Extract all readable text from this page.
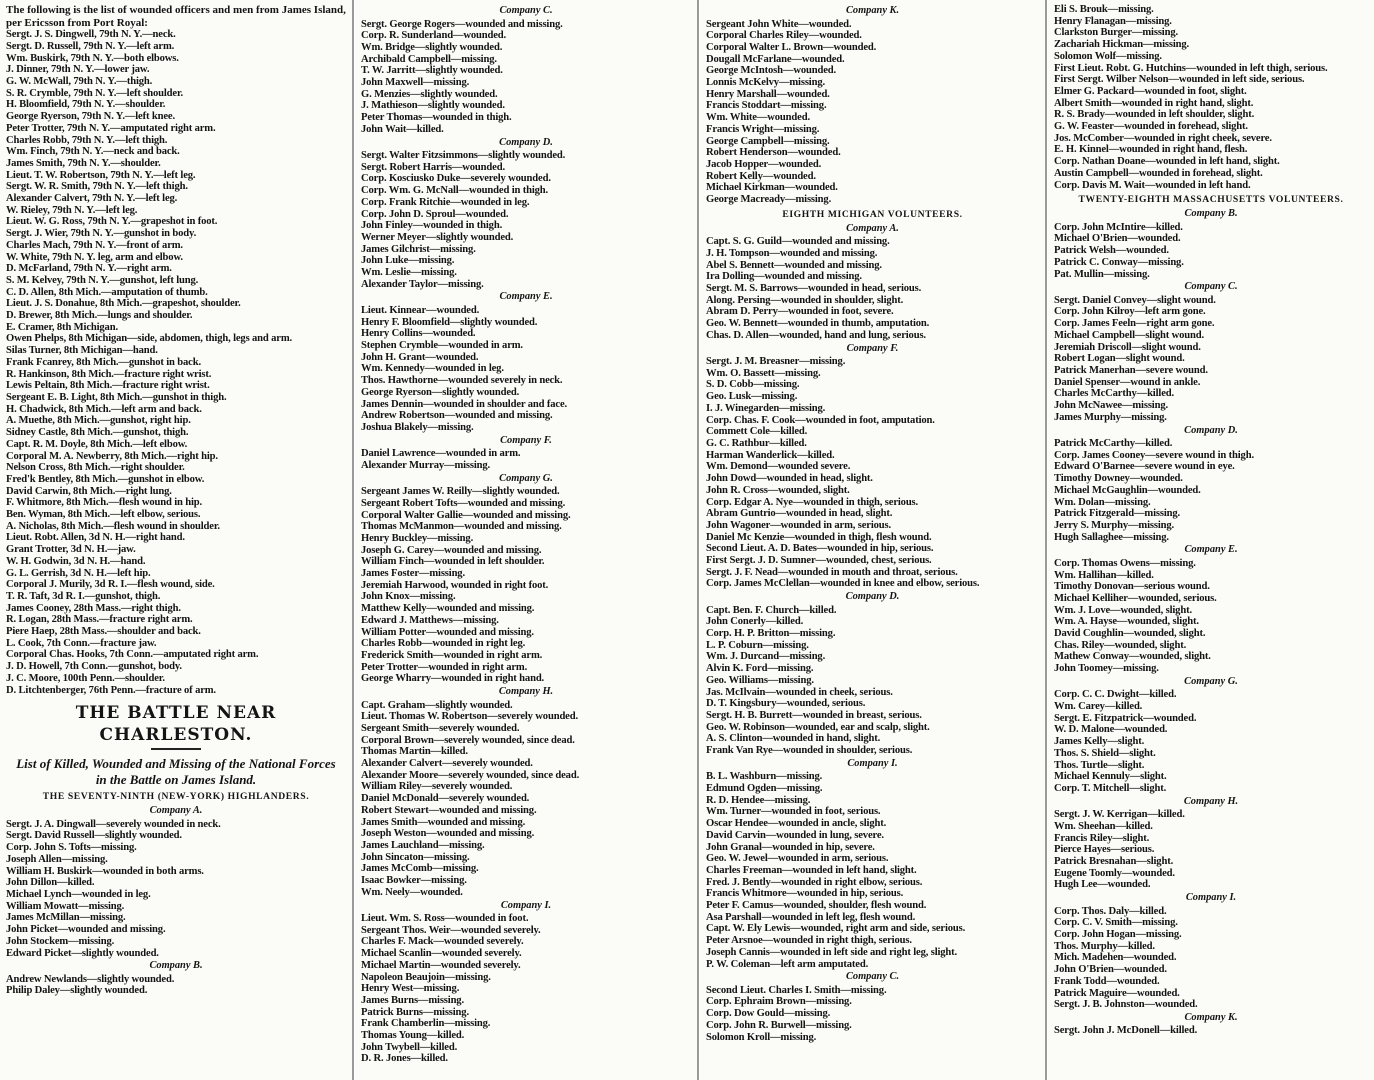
The following is the list of wounded officers and men from James Island, per Ericsson from Port Royal:
Sergt. J. S. Dingwell, 79th N. Y.—neck.
Sergt. D. Russell, 79th N. Y.—left arm.
Wm. Buskirk, 79th N. Y.—both elbows.
J. Dinner, 79th N. Y.—lower jaw.
G. W. McWall, 79th N. Y.—thigh.
S. R. Crymble, 79th N. Y.—left shoulder.
H. Bloomfield, 79th N. Y.—shoulder.
George Ryerson, 79th N. Y.—left knee.
Peter Trotter, 79th N. Y.—amputated right arm.
Charles Robb, 79th N. Y.—left thigh.
Wm. Finch, 79th N. Y.—neck and back.
James Smith, 79th N. Y.—shoulder.
Lieut. T. W. Robertson, 79th N. Y.—left leg.
Sergt. W. R. Smith, 79th N. Y.—left thigh.
Alexander Calvert, 79th N. Y.—left leg.
W. Rieley, 79th N. Y.—left leg.
Lieut. W. G. Ross, 79th N. Y.—grapeshot in foot.
Sergt. J. Wier, 79th N. Y.—gunshot in body.
Charles Mach, 79th N. Y.—front of arm.
W. White, 79th N. Y. leg, arm and elbow.
D. McFarland, 79th N. Y.—right arm.
S. M. Kelvey, 79th N. Y.—gunshot, left lung.
C. D. Allen, 8th Mich.—amputation of thumb.
Lieut. J. S. Donahue, 8th Mich.—grapeshot, shoulder.
D. Brewer, 8th Mich.—lungs and shoulder.
E. Cramer, 8th Michigan.
Owen Phelps, 8th Michigan—side, abdomen, thigh, legs and arm.
Silas Turner, 8th Michigan—hand.
Frank Fcanrey, 8th Mich.—gunshot in back.
R. Hankinson, 8th Mich.—fracture right wrist.
Lewis Peltain, 8th Mich.—fracture right wrist.
Sergeant E. B. Light, 8th Mich.—gunshot in thigh.
H. Chadwick, 8th Mich.—left arm and back.
A. Muethe, 8th Mich.—gunshot, right hip.
Sidney Castle, 8th Mich.—gunshot, thigh.
Capt. R. M. Doyle, 8th Mich.—left elbow.
Corporal M. A. Newberry, 8th Mich.—right hip.
Nelson Cross, 8th Mich.—right shoulder.
Fred'k Bentley, 8th Mich.—gunshot in elbow.
David Carwin, 8th Mich.—right lung.
F. Whitmore, 8th Mich.—flesh wound in hip.
Ben. Wyman, 8th Mich.—left elbow, serious.
A. Nicholas, 8th Mich.—flesh wound in shoulder.
Lieut. Robt. Allen, 3d N. H.—right hand.
Grant Trotter, 3d N. H.—jaw.
W. H. Godwin, 3d N. H.—hand.
G. L. Gerrish, 3d N. H.—left hip.
Corporal J. Murily, 3d R. I.—flesh wound, side.
T. R. Taft, 3d R. I.—gunshot, thigh.
James Cooney, 28th Mass.—right thigh.
R. Logan, 28th Mass.—fracture right arm.
Piere Haep, 28th Mass.—shoulder and back.
L. Cook, 7th Conn.—fracture jaw.
Corporal Chas. Hooks, 7th Conn.—amputated right arm.
J. D. Howell, 7th Conn.—gunshot, body.
J. C. Moore, 100th Penn.—shoulder.
D. Litchtenberger, 76th Penn.—fracture of arm.
THE BATTLE NEAR CHARLESTON.
List of Killed, Wounded and Missing of the National Forces in the Battle on James Island.
THE SEVENTY-NINTH (NEW-YORK) HIGHLANDERS.
Company A.
Sergt. J. A. Dingwall—severely wounded in neck.
Sergt. David Russell—slightly wounded.
Corp. John S. Tofts—missing.
Joseph Allen—missing.
William H. Buskirk—wounded in both arms.
John Dillon—killed.
Michael Lynch—wounded in leg.
William Mowatt—missing.
James McMillan—missing.
John Picket—wounded and missing.
John Stockem—missing.
Edward Picket—slightly wounded.
Company B.
Andrew Newlands—slightly wounded.
Philip Daley—slightly wounded.
Company C.
Sergt. George Rogers—wounded and missing.
Corp. R. Sunderland—wounded.
Wm. Bridge—slightly wounded.
Archibald Campbell—missing.
T. W. Jarritt—slightly wounded.
John Maxwell—missing.
G. Menzies—slightly wounded.
J. Mathieson—slightly wounded.
Peter Thomas—wounded in thigh.
John Wait—killed.
Company D.
Sergt. Walter Fitzsimmons—slightly wounded.
Sergt. Robert Harris—wounded.
Corp. Kosciusko Duke—severely wounded.
Corp. Wm. G. McNall—wounded in thigh.
Corp. Frank Ritchie—wounded in leg.
Corp. John D. Sproul—wounded.
John Finley—wounded in thigh.
Werner Meyer—slightly wounded.
James Gilchrist—missing.
John Luke—missing.
Wm. Leslie—missing.
Alexander Taylor—missing.
Company E.
Lieut. Kinnear—wounded.
Henry F. Bloomfield—slightly wounded.
Henry Collins—wounded.
Stephen Crymble—wounded in arm.
John H. Grant—wounded.
Wm. Kennedy—wounded in leg.
Thos. Hawthorne—wounded severely in neck.
George Ryerson—slightly wounded.
James Dennin—wounded in shoulder and face.
Andrew Robertson—wounded and missing.
Joshua Blakely—missing.
Company F.
Daniel Lawrence—wounded in arm.
Alexander Murray—missing.
Company G.
Sergeant James W. Reilly—slightly wounded.
Sergeant Robert Tofts—wounded and missing.
Corporal Walter Gallie—wounded and missing.
Thomas McManmon—wounded and missing.
Henry Buckley—missing.
Joseph G. Carey—wounded and missing.
William Finch—wounded in left shoulder.
James Foster—missing.
Jeremiah Harwood, wounded in right foot.
John Knox—missing.
Matthew Kelly—wounded and missing.
Edward J. Matthews—missing.
William Potter—wounded and missing.
Charles Robb—wounded in right leg.
Frederick Smith—wounded in right arm.
Peter Trotter—wounded in right arm.
George Wharry—wounded in right hand.
Company H.
Capt. Graham—slightly wounded.
Lieut. Thomas W. Robertson—severely wounded.
Sergeant Smith—severely wounded.
Corporal Brown—severely wounded, since dead.
Thomas Martin—killed.
Alexander Calvert—severely wounded.
Alexander Moore—severely wounded, since dead.
William Riley—severely wounded.
Daniel McDonald—severely wounded.
Robert Stewart—wounded and missing.
James Smith—wounded and missing.
Joseph Weston—wounded and missing.
James Lauchland—missing.
John Sincaton—missing.
James McComb—missing.
Isaac Bowker—missing.
Wm. Neely—wounded.
Company I.
Lieut. Wm. S. Ross—wounded in foot.
Sergeant Thos. Weir—wounded severely.
Charles F. Mack—wounded severely.
Michael Scanlin—wounded severely.
Michael Martin—wounded severely.
Napoleon Beaujoin—missing.
Henry West—missing.
James Burns—missing.
Patrick Burns—missing.
Frank Chamberlin—missing.
Thomas Young—killed.
John Twybell—killed.
D. R. Jones—killed.
Company K.
Sergeant John White—wounded.
Corporal Charles Riley—wounded.
Corporal Walter L. Brown—wounded.
Dougall McFarlane—wounded.
George McIntosh—wounded.
Lonnis McKelvy—missing.
Henry Marshall—wounded.
Francis Stoddart—missing.
Wm. White—wounded.
Francis Wright—missing.
George Campbell—missing.
Robert Henderson—wounded.
Jacob Hopper—wounded.
Robert Kelly—wounded.
Michael Kirkman—wounded.
George Macready—missing.
EIGHTH MICHIGAN VOLUNTEERS.
Company A.
Capt. S. G. Guild—wounded and missing.
J. H. Tompson—wounded and missing.
Abel S. Bennett—wounded and missing.
Ira Dolling—wounded and missing.
Sergt. M. S. Barrows—wounded in head, serious.
Along. Persing—wounded in shoulder, slight.
Abram D. Perry—wounded in foot, severe.
Geo. W. Bennett—wounded in thumb, amputation.
Chas. D. Allen—wounded, hand and lung, serious.
Company F.
Sergt. J. M. Breasner—missing.
Wm. O. Bassett—missing.
S. D. Cobb—missing.
Geo. Lusk—missing.
I. J. Winegarden—missing.
Corp. Chas. F. Cook—wounded in foot, amputation.
Commett Cole—killed.
G. C. Rathbur—killed.
Harman Wanderlick—killed.
Wm. Demond—wounded severe.
John Dowd—wounded in head, slight.
John R. Cross—wounded, slight.
Corp. Edgar A. Nye—wounded in thigh, serious.
Abram Guntrio—wounded in head, slight.
John Wagoner—wounded in arm, serious.
Daniel Mc Kenzie—wounded in thigh, flesh wound.
Second Lieut. A. D. Bates—wounded in hip, serious.
First Sergt. J. D. Sumner—wounded, chest, serious.
Sergt. J. F. Nead—wounded in mouth and throat, serious.
Corp. James McClellan—wounded in knee and elbow, serious.
Company D.
Capt. Ben. F. Church—killed.
John Conerly—killed.
Corp. H. P. Britton—missing.
L. P. Coburn—missing.
Wm. J. Durcand—missing.
Alvin K. Ford—missing.
Geo. Williams—missing.
Jas. McIlvain—wounded in cheek, serious.
D. T. Kingsbury—wounded, serious.
Sergt. H. B. Burrett—wounded in breast, serious.
Geo. W. Robinson—wounded, ear and scalp, slight.
A. S. Clinton—wounded in hand, slight.
Frank Van Rye—wounded in shoulder, serious.
Company I.
B. L. Washburn—missing.
Edmund Ogden—missing.
R. D. Hendee—missing.
Wm. Turner—wounded in foot, serious.
Oscar Hendee—wounded in ancle, slight.
David Carvin—wounded in lung, severe.
John Granal—wounded in hip, severe.
Geo. W. Jewel—wounded in arm, serious.
Charles Freeman—wounded in left hand, slight.
Fred. J. Bently—wounded in right elbow, serious.
Francis Whitmore—wounded in hip, serious.
Peter F. Camus—wounded, shoulder, flesh wound.
Asa Parshall—wounded in left leg, flesh wound.
Capt. W. Ely Lewis—wounded, right arm and side, serious.
Peter Arsnoe—wounded in right thigh, serious.
Joseph Cannis—wounded in left side and right leg, slight.
P. W. Coleman—left arm amputated.
Company C.
Second Lieut. Charles I. Smith—missing.
Corp. Ephraim Brown—missing.
Corp. Dow Gould—missing.
Corp. John R. Burwell—missing.
Solomon Kroll—missing.
Eli S. Brouk—missing.
Henry Flanagan—missing.
Clarkston Burger—missing.
Zachariah Hickman—missing.
Solomon Wolf—missing.
First Lieut. Robt. G. Hutchins—wounded in left thigh, serious.
First Sergt. Wilber Nelson—wounded in left side, serious.
Elmer G. Packard—wounded in foot, slight.
Albert Smith—wounded in right hand, slight.
R. S. Brady—wounded in left shoulder, slight.
G. W. Feaster—wounded in forehead, slight.
Jos. McComber—wounded in right cheek, severe.
E. H. Kinnel—wounded in right hand, flesh.
Corp. Nathan Doane—wounded in left hand, slight.
Austin Campbell—wounded in forehead, slight.
Corp. Davis M. Wait—wounded in left hand.
TWENTY-EIGHTH MASSACHUSETTS VOLUNTEERS.
Company B.
Corp. John McIntire—killed.
Michael O'Brien—wounded.
Patrick Welsh—wounded.
Patrick C. Conway—missing.
Pat. Mullin—missing.
Company C.
Sergt. Daniel Convey—slight wound.
Corp. John Kilroy—left arm gone.
Corp. James Feeln—right arm gone.
Michael Campbell—slight wound.
Jeremiah Driscoll—slight wound.
Robert Logan—slight wound.
Patrick Manerhan—severe wound.
Daniel Spenser—wound in ankle.
Charles McCarthy—killed.
John McNawee—missing.
James Murphy—missing.
Company D.
Patrick McCarthy—killed.
Corp. James Cooney—severe wound in thigh.
Edward O'Barnee—severe wound in eye.
Timothy Downey—wounded.
Michael McGaughlin—wounded.
Wm. Dolan—missing.
Patrick Fitzgerald—missing.
Jerry S. Murphy—missing.
Hugh Sallaghee—missing.
Company E.
Corp. Thomas Owens—missing.
Wm. Hallihan—killed.
Timothy Donovan—serious wound.
Michael Kelliher—wounded, serious.
Wm. J. Love—wounded, slight.
Wm. A. Hayse—wounded, slight.
David Coughlin—wounded, slight.
Chas. Riley—wounded, slight.
Mathew Conway—wounded, slight.
John Toomey—missing.
Company G.
Corp. C. C. Dwight—killed.
Wm. Carey—killed.
Sergt. E. Fitzpatrick—wounded.
W. D. Malone—wounded.
James Kelly—slight.
Thos. S. Shield—slight.
Thos. Turtle—slight.
Michael Kennuly—slight.
Corp. T. Mitchell—slight.
Company H.
Sergt. J. W. Kerrigan—killed.
Wm. Sheehan—killed.
Francis Riley—slight.
Pierce Hayes—serious.
Patrick Bresnahan—slight.
Eugene Toomly—wounded.
Hugh Lee—wounded.
Company I.
Corp. Thos. Daly—killed.
Corp. C. V. Smith—missing.
Corp. John Hogan—missing.
Thos. Murphy—killed.
Mich. Madehen—wounded.
John O'Brien—wounded.
Frank Todd—wounded.
Patrick Maguire—wounded.
Sergt. J. B. Johnston—wounded.
Company K.
Sergt. John J. McDonell—killed.
